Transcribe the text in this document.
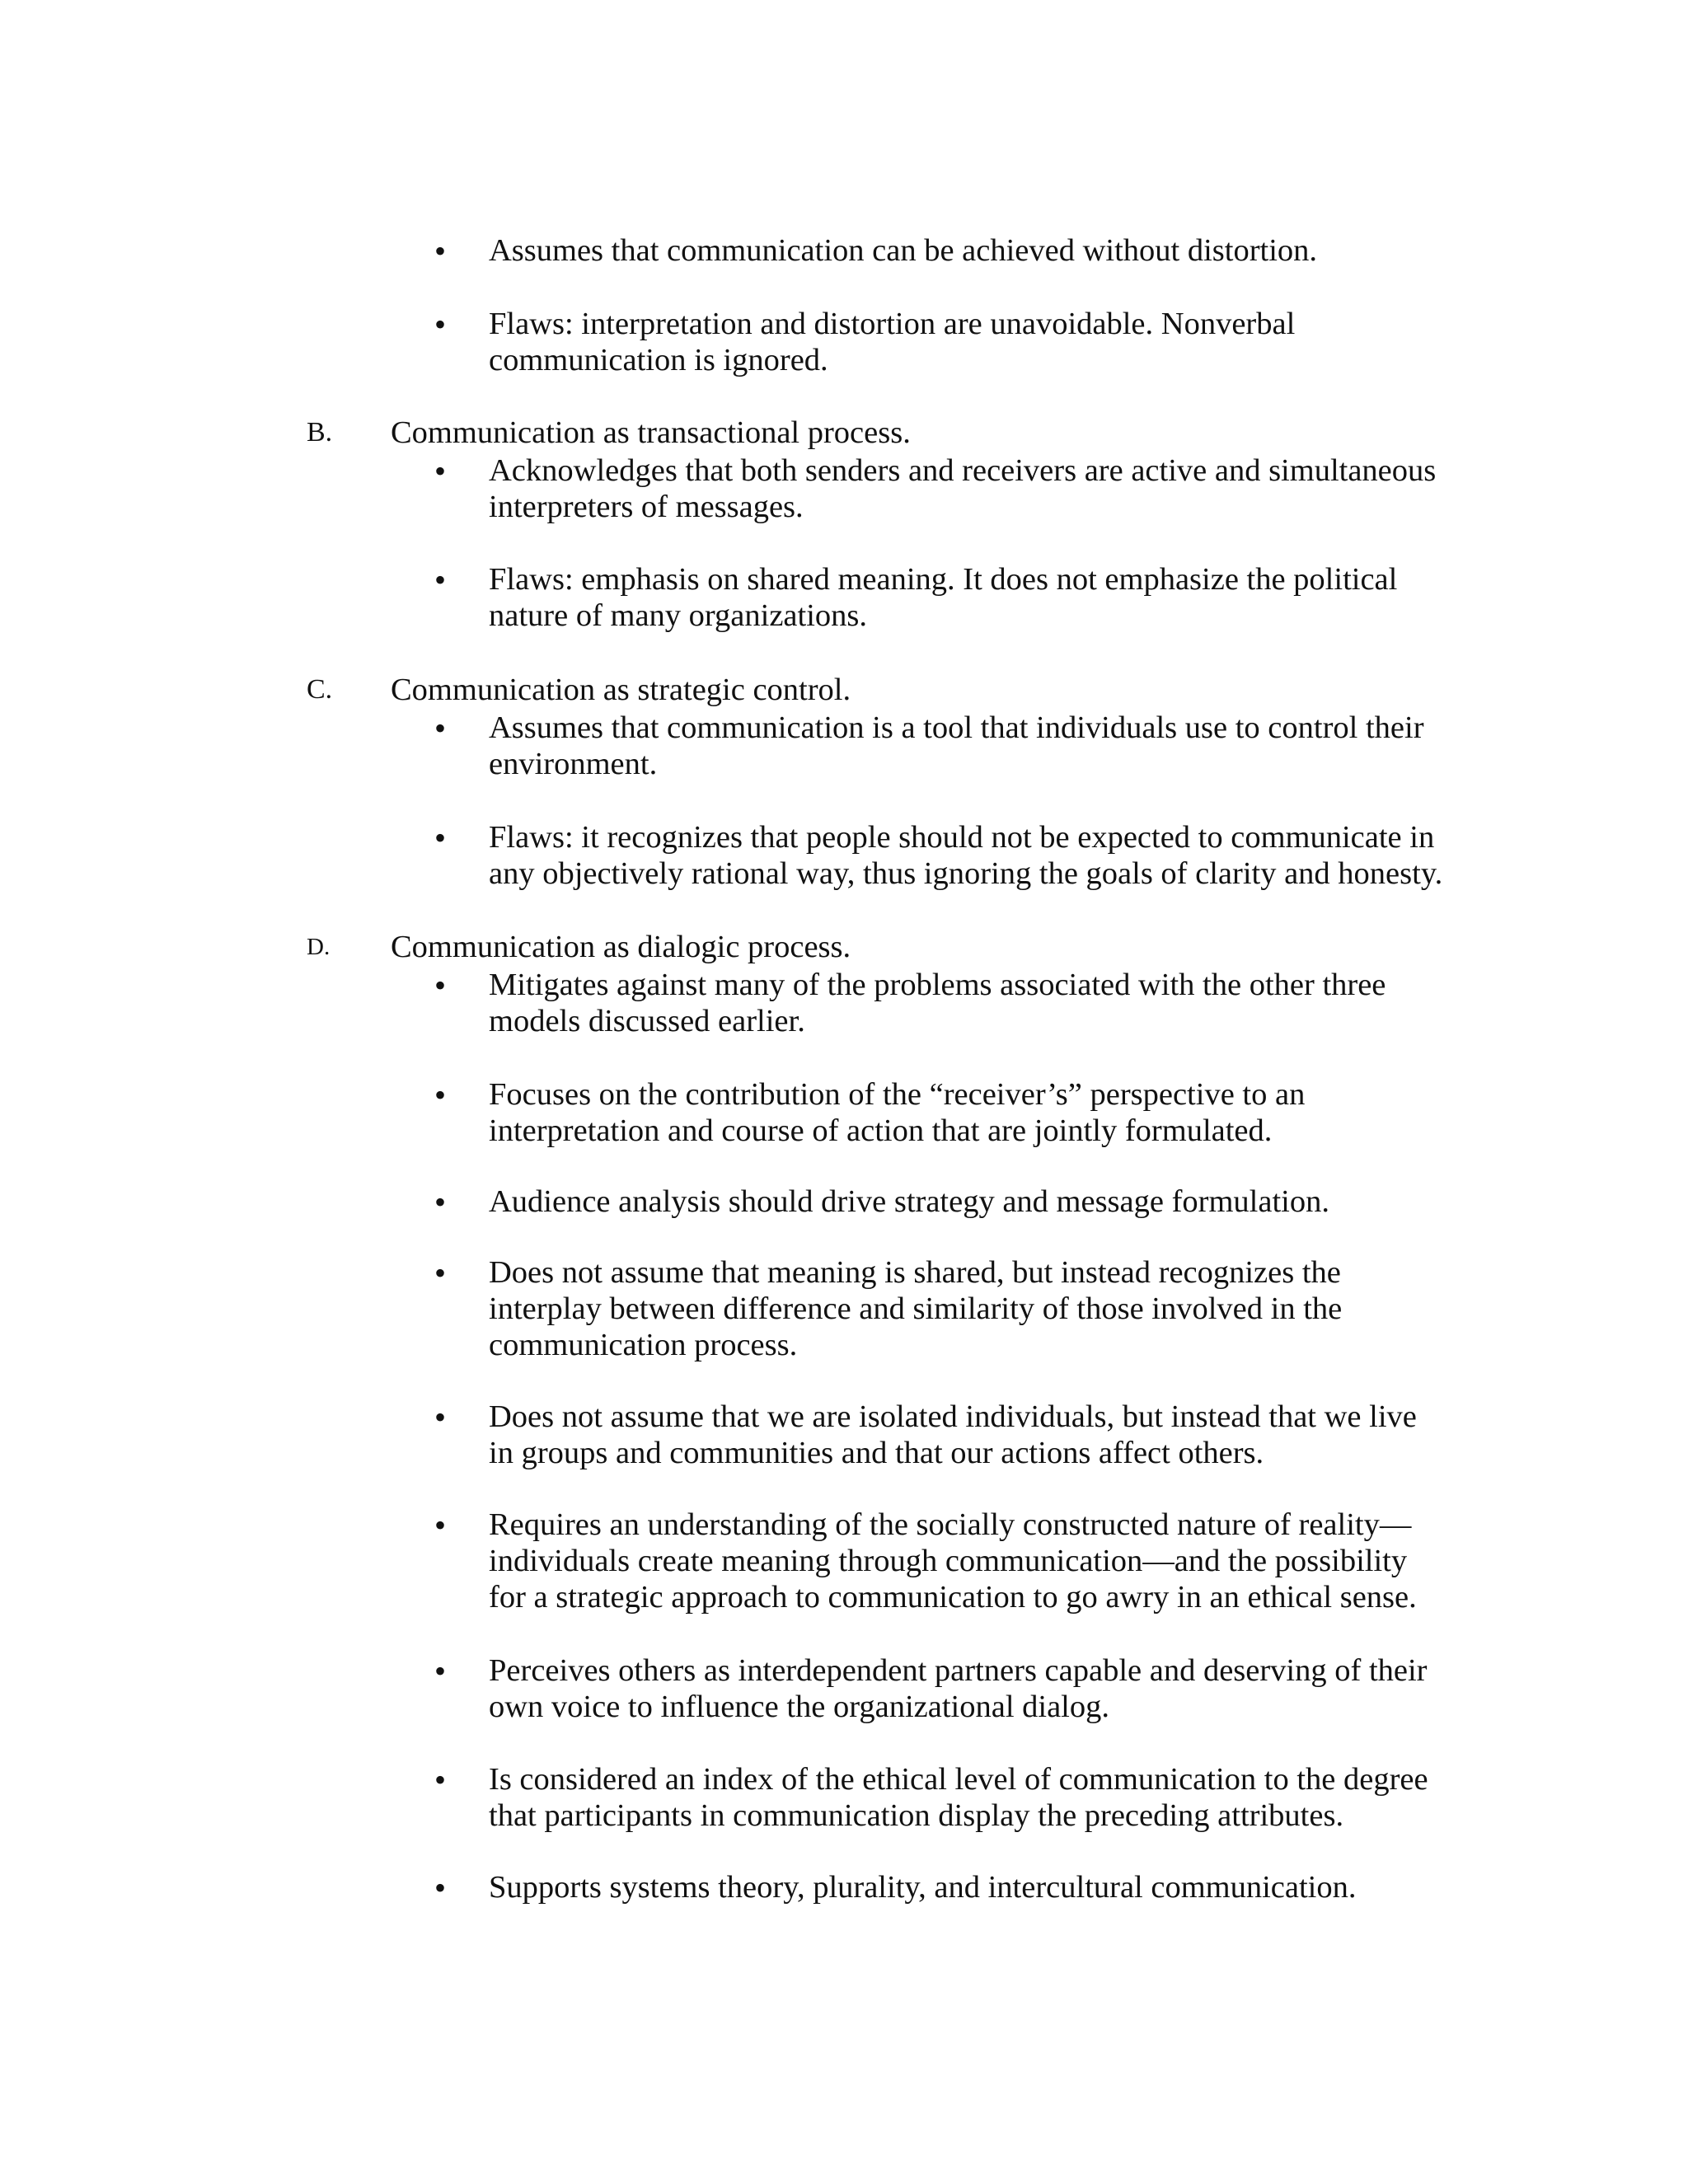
• Assumes that communication can be achieved without distortion.
• Flaws: interpretation and distortion are unavoidable. Nonverbal
communication is ignored.
B. Communication as transactional process.
• Acknowledges that both senders and receivers are active and simultaneous
interpreters of messages.
• Flaws: emphasis on shared meaning. It does not emphasize the political
nature of many organizations.
C. Communication as strategic control.
• Assumes that communication is a tool that individuals use to control their
environment.
• Flaws: it recognizes that people should not be expected to communicate in
any objectively rational way, thus ignoring the goals of clarity and honesty.
D. Communication as dialogic process.
• Mitigates against many of the problems associated with the other three
models discussed earlier.
• Focuses on the contribution of the “receiver’s” perspective to an
interpretation and course of action that are jointly formulated.
• Audience analysis should drive strategy and message formulation.
• Does not assume that meaning is shared, but instead recognizes the
interplay between difference and similarity of those involved in the
communication process.
• Does not assume that we are isolated individuals, but instead that we live
in groups and communities and that our actions affect others.
• Requires an understanding of the socially constructed nature of reality—
individuals create meaning through communication—and the possibility
for a strategic approach to communication to go awry in an ethical sense.
• Perceives others as interdependent partners capable and deserving of their
own voice to influence the organizational dialog.
• Is considered an index of the ethical level of communication to the degree
that participants in communication display the preceding attributes.
• Supports systems theory, plurality, and intercultural communication.
